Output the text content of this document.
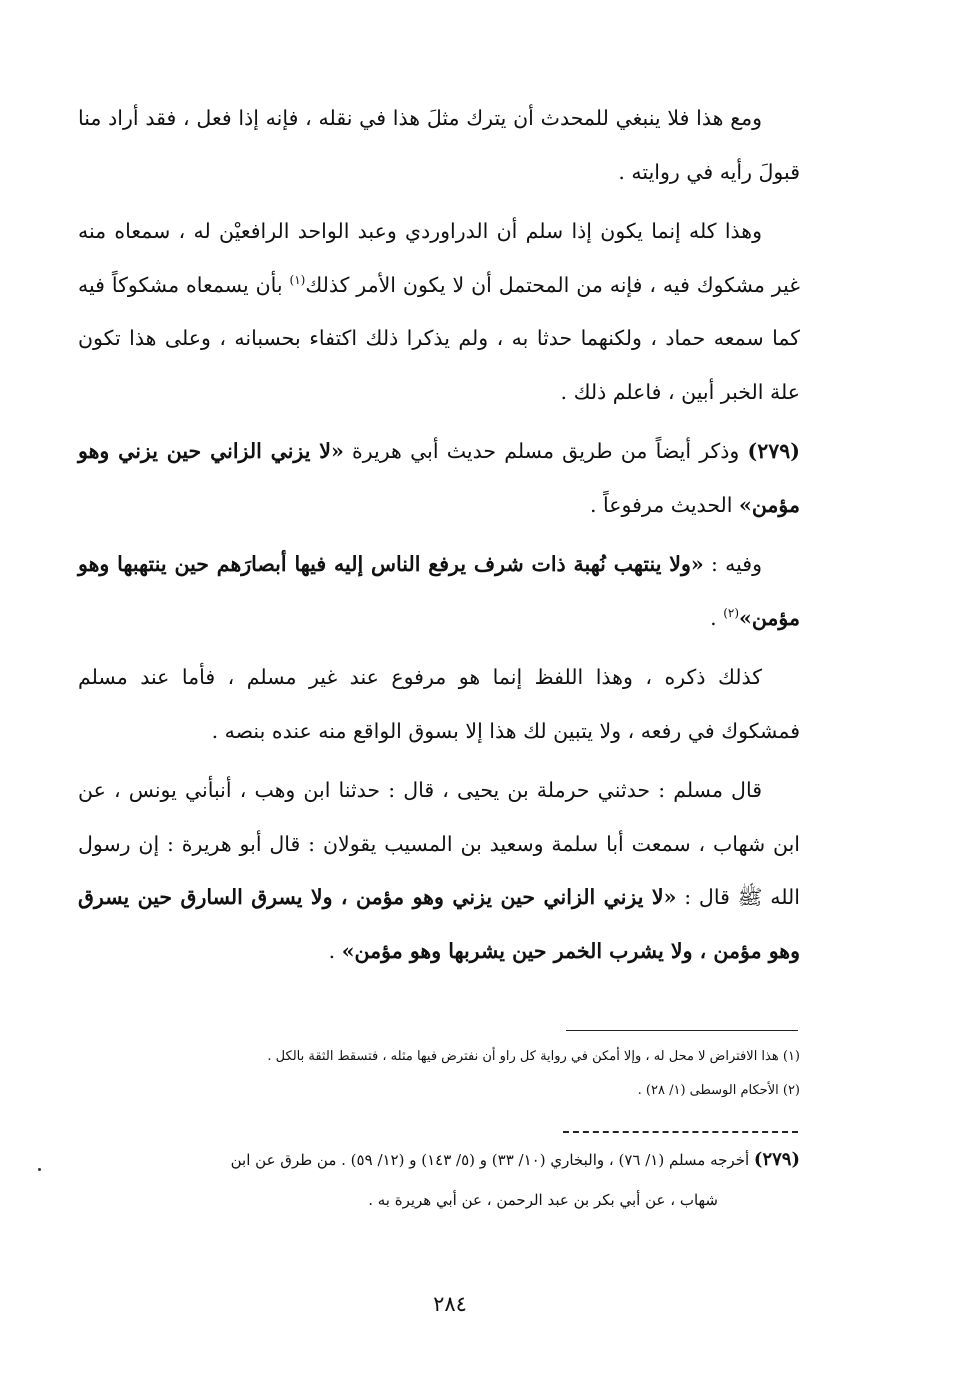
ومع هذا فلا ينبغي للمحدث أن يترك مثلَ هذا في نقله ، فإنه إذا فعل ، فقد أراد منا قبولَ رأيه في روايته .

وهذا كله إنما يكون إذا سلم أن الدراوردي وعبد الواحد الرافعيْن له ، سمعاه منه غير مشكوك فيه ، فإنه من المحتمل أن لا يكون الأمر كذلك$^{(١)}$ بأن يسمعاه مشكوكاً فيه كما سمعه حماد ، ولكنهما حدثا به ، ولم يذكرا ذلك اكتفاء بحسبانه ، وعلى هذا تكون علة الخبر أبين ، فاعلم ذلك .

(٢٧٩) وذكر أيضاً من طريق مسلم حديث أبي هريرة «لا يزني الزاني حين يزني وهو مؤمن» الحديث مرفوعاً .

وفيه : «ولا ينتهب نُهبة ذات شرف يرفع الناس إليه فيها أبصارَهم حين ينتهبها وهو مؤمن»$^{(٢)}$ .

كذلك ذكره ، وهذا اللفظ إنما هو مرفوع عند غير مسلم ، فأما عند مسلم فمشكوك في رفعه ، ولا يتبين لك هذا إلا بسوق الواقع منه عنده بنصه .

قال مسلم : حدثني حرملة بن يحيى ، قال : حدثنا ابن وهب ، أنبأني يونس ، عن ابن شهاب ، سمعت أبا سلمة وسعيد بن المسيب يقولان : قال أبو هريرة : إن رسول الله ﷺ قال : «لا يزني الزاني حين يزني وهو مؤمن ، ولا يسرق السارق حين يسرق وهو مؤمن ، ولا يشرب الخمر حين يشربها وهو مؤمن» .

(١) هذا الافتراض لا محل له ، وإلا أمكن في رواية كل راو أن نفترض فيها مثله ، فتسقط الثقة بالكل .
(٢) الأحكام الوسطى (١/ ٢٨) .
(٢٧٩) أخرجه مسلم (١/ ٧٦) ، والبخاري (١٠/ ٣٣) و (٥/ ١٤٣) و (١٢/ ٥٩) . من طرق عن ابن
شهاب ، عن أبي بكر بن عبد الرحمن ، عن أبي هريرة به .
٢٨٤
